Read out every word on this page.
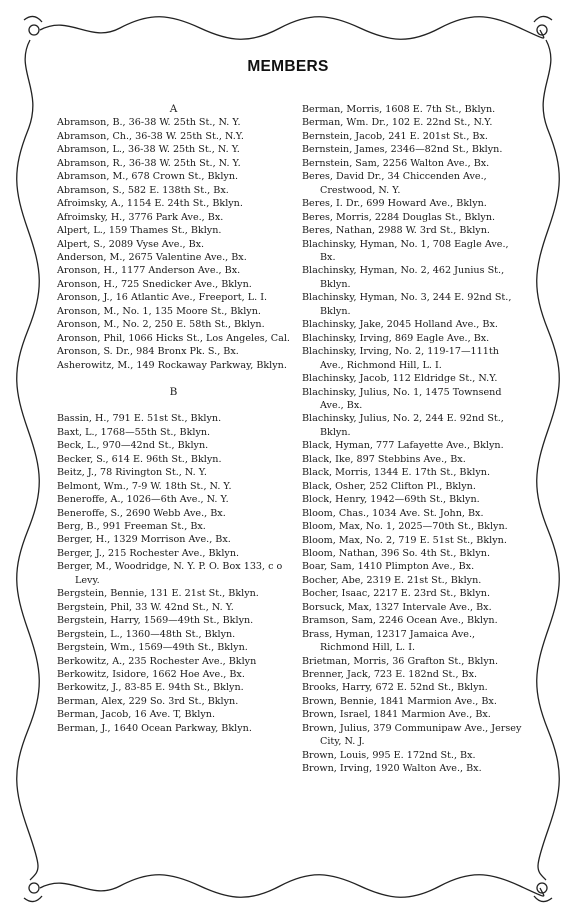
MEMBERS
A
Abramson, B., 36-38 W. 25th St., N. Y.
Abramson, Ch., 36-38 W. 25th St., N.Y.
Abramson, L., 36-38 W. 25th St., N. Y.
Abramson, R., 36-38 W. 25th St., N. Y.
Abramson, M., 678 Crown St., Bklyn.
Abramson, S., 582 E. 138th St., Bx.
Afroimsky, A., 1154 E. 24th St., Bklyn.
Afroimsky, H., 3776 Park Ave., Bx.
Alpert, L., 159 Thames St., Bklyn.
Alpert, S., 2089 Vyse Ave., Bx.
Anderson, M., 2675 Valentine Ave., Bx.
Aronson, H., 1177 Anderson Ave., Bx.
Aronson, H., 725 Snedicker Ave., Bklyn.
Aronson, J., 16 Atlantic Ave., Freeport, L. I.
Aronson, M., No. 1, 135 Moore St., Bklyn.
Aronson, M., No. 2, 250 E. 58th St., Bklyn.
Aronson, Phil, 1066 Hicks St., Los Angeles, Cal.
Aronson, S. Dr., 984 Bronx Pk. S., Bx.
Asherowitz, M., 149 Rockaway Parkway, Bklyn.
B
Bassin, H., 791 E. 51st St., Bklyn.
Baxt, L., 1768—55th St., Bklyn.
Beck, L., 970—42nd St., Bklyn.
Becker, S., 614 E. 96th St., Bklyn.
Beitz, J., 78 Rivington St., N. Y.
Belmont, Wm., 7-9 W. 18th St., N. Y.
Beneroffe, A., 1026—6th Ave., N. Y.
Beneroffe, S., 2690 Webb Ave., Bx.
Berg, B., 991 Freeman St., Bx.
Berger, H., 1329 Morrison Ave., Bx.
Berger, J., 215 Rochester Ave., Bklyn.
Berger, M., Woodridge, N. Y. P. O. Box 133, c o Levy.
Bergstein, Bennie, 131 E. 21st St., Bklyn.
Bergstein, Phil, 33 W. 42nd St., N. Y.
Bergstein, Harry, 1569—49th St., Bklyn.
Bergstein, L., 1360—48th St., Bklyn.
Bergstein, Wm., 1569—49th St., Bklyn.
Berkowitz, A., 235 Rochester Ave., Bklyn
Berkowitz, Isidore, 1662 Hoe Ave., Bx.
Berkowitz, J., 83-85 E. 94th St., Bklyn.
Berman, Alex, 229 So. 3rd St., Bklyn.
Berman, Jacob, 16 Ave. T, Bklyn.
Berman, J., 1640 Ocean Parkway, Bklyn.
Berman, Morris, 1608 E. 7th St., Bklyn.
Berman, Wm. Dr., 102 E. 22nd St., N.Y.
Bernstein, Jacob, 241 E. 201st St., Bx.
Bernstein, James, 2346—82nd St., Bklyn.
Bernstein, Sam, 2256 Walton Ave., Bx.
Beres, David Dr., 34 Chiccenden Ave., Crestwood, N. Y.
Beres, I. Dr., 699 Howard Ave., Bklyn.
Beres, Morris, 2284 Douglas St., Bklyn.
Beres, Nathan, 2988 W. 3rd St., Bklyn.
Blachinsky, Hyman, No. 1, 708 Eagle Ave., Bx.
Blachinsky, Hyman, No. 2, 462 Junius St., Bklyn.
Blachinsky, Hyman, No. 3, 244 E. 92nd St., Bklyn.
Blachinsky, Jake, 2045 Holland Ave., Bx.
Blachinsky, Irving, 869 Eagle Ave., Bx.
Blachinsky, Irving, No. 2, 119-17—111th Ave., Richmond Hill, L. I.
Blachinsky, Jacob, 112 Eldridge St., N.Y.
Blachinsky, Julius, No. 1, 1475 Townsend Ave., Bx.
Blachinsky, Julius, No. 2, 244 E. 92nd St., Bklyn.
Black, Hyman, 777 Lafayette Ave., Bklyn.
Black, Ike, 897 Stebbins Ave., Bx.
Black, Morris, 1344 E. 17th St., Bklyn.
Black, Osher, 252 Clifton Pl., Bklyn.
Block, Henry, 1942—69th St., Bklyn.
Bloom, Chas., 1034 Ave. St. John, Bx.
Bloom, Max, No. 1, 2025—70th St., Bklyn.
Bloom, Max, No. 2, 719 E. 51st St., Bklyn.
Bloom, Nathan, 396 So. 4th St., Bklyn.
Boar, Sam, 1410 Plimpton Ave., Bx.
Bocher, Abe, 2319 E. 21st St., Bklyn.
Bocher, Isaac, 2217 E. 23rd St., Bklyn.
Borsuck, Max, 1327 Intervale Ave., Bx.
Bramson, Sam, 2246 Ocean Ave., Bklyn.
Brass, Hyman, 12317 Jamaica Ave., Richmond Hill, L. I.
Brietman, Morris, 36 Grafton St., Bklyn.
Brenner, Jack, 723 E. 182nd St., Bx.
Brooks, Harry, 672 E. 52nd St., Bklyn.
Brown, Bennie, 1841 Marmion Ave., Bx.
Brown, Israel, 1841 Marmion Ave., Bx.
Brown, Julius, 379 Communipaw Ave., Jersey City, N. J.
Brown, Louis, 995 E. 172nd St., Bx.
Brown, Irving, 1920 Walton Ave., Bx.
